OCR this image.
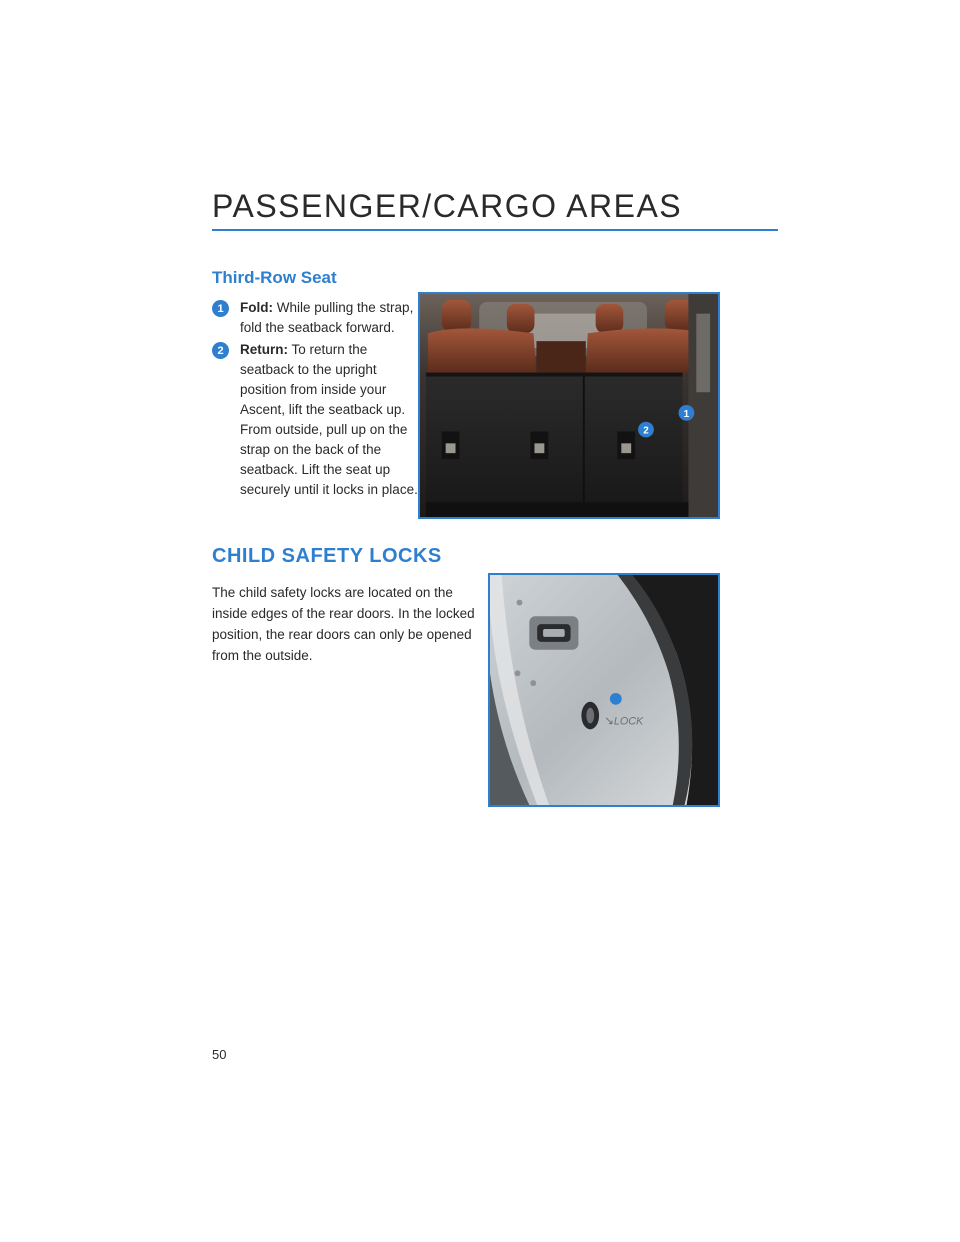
PASSENGER/CARGO AREAS
Third-Row Seat
1	Fold: While pulling the strap, fold the seatback forward.
2	Return: To return the seatback to the upright position from inside your Ascent, lift the seatback up. From outside, pull up on the strap on the back of the seatback. Lift the seat up securely until it locks in place.
2
1
CHILD SAFETY LOCKS
The child safety locks are located on the inside edges of the rear doors. In the locked position, the rear doors can only be opened from the outside.
↘ LOCK
50
